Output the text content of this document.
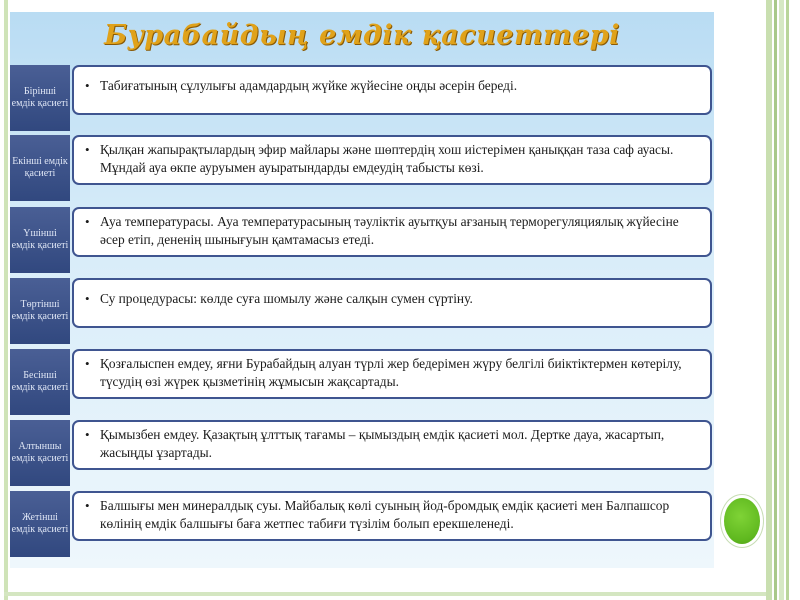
Бурабайдың емдік қасиеттері
Бірінші емдік қасиеті
• Табиғатының сұлулығы адамдардың жүйке жүйесіне оңды әсерін береді.
Екінші емдік қасиеті
• Қылқан жапырақтылардың эфир майлары және шөптердің хош иістерімен қаныққан таза саф ауасы. Мұндай ауа өкпе ауруымен ауыратындарды емдеудің табысты көзі.
Үшінші емдік қасиеті
• Ауа температурасы. Ауа температурасының тәуліктік ауытқуы ағзаның терморегуляциялық жүйесіне әсер етіп, дененің шынығуын қамтамасыз етеді.
Төртінші емдік қасиеті
• Су процедурасы: көлде суға шомылу және салқын сумен сүртіну.
Бесінші емдік қасиеті
• Қозғалыспен емдеу, яғни Бурабайдың алуан түрлі жер бедерімен жүру белгілі биіктіктермен көтерілу, түсудің өзі жүрек қызметінің жұмысын жақсартады.
Алтыншы емдік қасиеті
• Қымызбен емдеу. Қазақтың ұлттық тағамы – қымыздың емдік қасиеті мол. Дертке дауа, жасартып, жасыңды ұзартады.
Жетінші емдік қасиеті
• Балшығы мен минералдық суы. Майбалық көлі суының йод-бромдық емдік қасиеті мен Балпашсор көлінің емдік балшығы баға жетпес табиғи түзілім болып ерекшеленеді.
